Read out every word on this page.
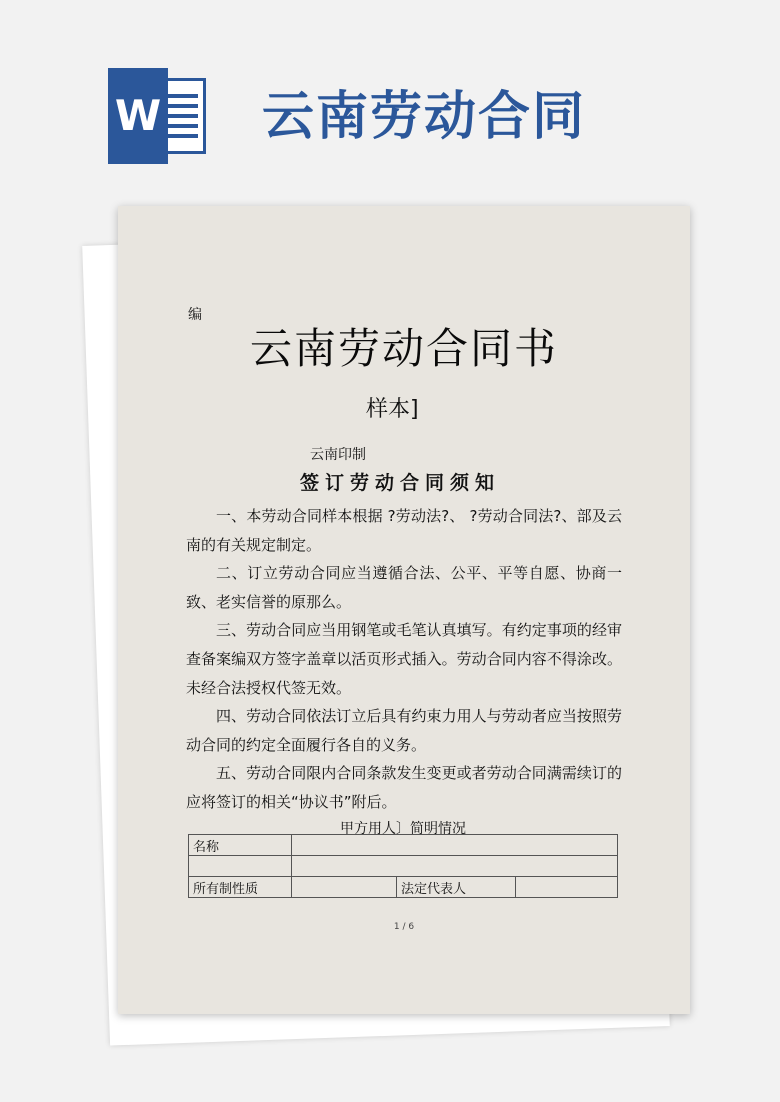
W 云南劳动合同
编
云南劳动合同书
样本]
云南印制
签订劳动合同须知

一、本劳动合同样本根据 ?劳动法?、 ?劳动合同法?、部及云南的有关规定制定。

二、订立劳动合同应当遵循合法、公平、平等自愿、协商一致、老实信誉的原那么。

三、劳动合同应当用钢笔或毛笔认真填写。有约定事项的经审查备案编双方签字盖章以活页形式插入。劳动合同内容不得涂改。未经合法授权代签无效。

四、劳动合同依法订立后具有约束力用人与劳动者应当按照劳动合同的约定全面履行各自的义务。

五、劳动合同限内合同条款发生变更或者劳动合同满需续订的应将签订的相关“协议书”附后。

甲方用人〕简明情况
名称			

所有制性质		法定代表人	
1 / 6
